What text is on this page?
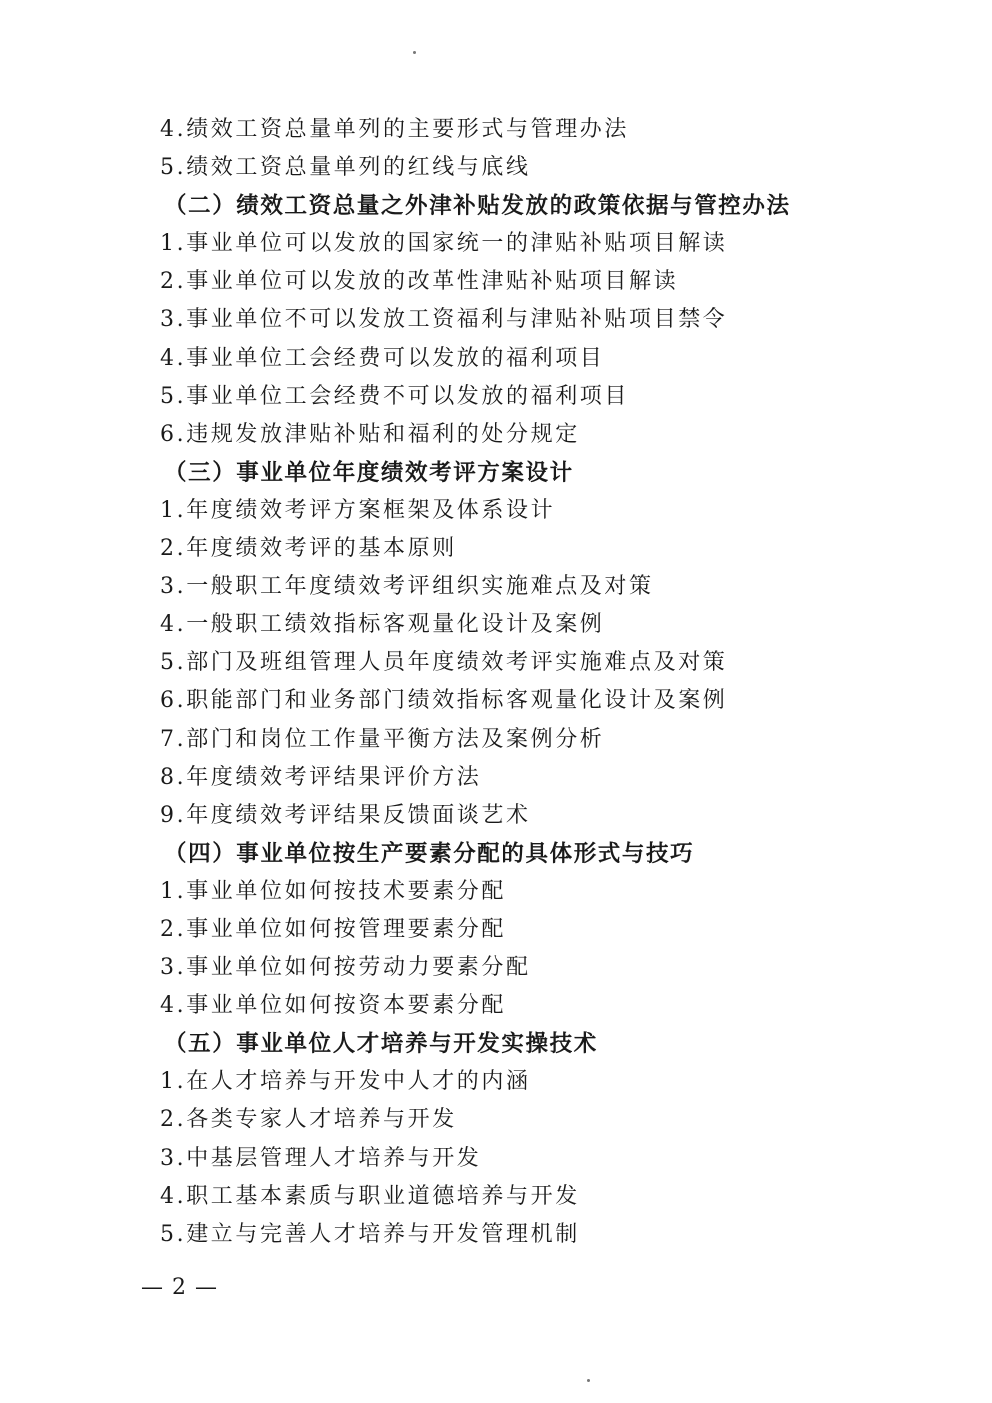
4.绩效工资总量单列的主要形式与管理办法
5.绩效工资总量单列的红线与底线
（二）绩效工资总量之外津补贴发放的政策依据与管控办法
1.事业单位可以发放的国家统一的津贴补贴项目解读
2.事业单位可以发放的改革性津贴补贴项目解读
3.事业单位不可以发放工资福利与津贴补贴项目禁令
4.事业单位工会经费可以发放的福利项目
5.事业单位工会经费不可以发放的福利项目
6.违规发放津贴补贴和福利的处分规定
（三）事业单位年度绩效考评方案设计
1.年度绩效考评方案框架及体系设计
2.年度绩效考评的基本原则
3.一般职工年度绩效考评组织实施难点及对策
4.一般职工绩效指标客观量化设计及案例
5.部门及班组管理人员年度绩效考评实施难点及对策
6.职能部门和业务部门绩效指标客观量化设计及案例
7.部门和岗位工作量平衡方法及案例分析
8.年度绩效考评结果评价方法
9.年度绩效考评结果反馈面谈艺术
（四）事业单位按生产要素分配的具体形式与技巧
1.事业单位如何按技术要素分配
2.事业单位如何按管理要素分配
3.事业单位如何按劳动力要素分配
4.事业单位如何按资本要素分配
（五）事业单位人才培养与开发实操技术
1.在人才培养与开发中人才的内涵
2.各类专家人才培养与开发
3.中基层管理人才培养与开发
4.职工基本素质与职业道德培养与开发
5.建立与完善人才培养与开发管理机制
— 2 —
